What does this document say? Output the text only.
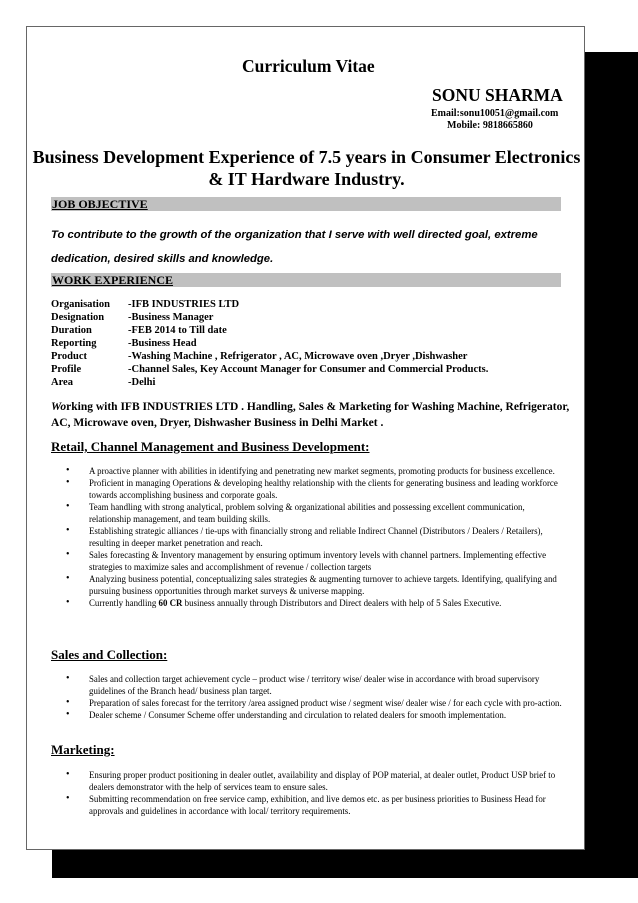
Curriculum Vitae
SONU SHARMA
Email:sonu10051@gmail.com
Mobile: 9818665860
Business Development Experience of 7.5 years in Consumer Electronics & IT Hardware Industry.
JOB OBJECTIVE
To contribute to the growth of the organization that I serve with well directed goal, extreme dedication, desired skills and knowledge.
WORK EXPERIENCE
Organisation -IFB INDUSTRIES LTD
Designation -Business Manager
Duration	-FEB 2014 to Till date
Reporting	-Business Head
Product	-Washing Machine , Refrigerator , AC, Microwave oven ,Dryer ,Dishwasher
Profile	-Channel Sales, Key Account Manager for Consumer and Commercial Products.
Area	-Delhi
Working with IFB INDUSTRIES LTD . Handling, Sales & Marketing for Washing Machine, Refrigerator, AC, Microwave oven, Dryer, Dishwasher Business in Delhi Market .
Retail, Channel Management and Business Development:
• A proactive planner with abilities in identifying and penetrating new market segments, promoting products for business excellence.
• Proficient in managing Operations & developing healthy relationship with the clients for generating business and leading workforce towards accomplishing business and corporate goals.
• Team handling with strong analytical, problem solving & organizational abilities and possessing excellent communication, relationship management, and team building skills.
• Establishing strategic alliances / tie-ups with financially strong and reliable Indirect Channel (Distributors / Dealers / Retailers), resulting in deeper market penetration and reach.
• Sales forecasting & Inventory management by ensuring optimum inventory levels with channel partners. Implementing effective strategies to maximize sales and accomplishment of revenue / collection targets
• Analyzing business potential, conceptualizing sales strategies & augmenting turnover to achieve targets. Identifying, qualifying and pursuing business opportunities through market surveys & universe mapping.
• Currently handling 60 CR business annually through Distributors and Direct dealers with help of 5 Sales Executive.
Sales and Collection:
• Sales and collection target achievement cycle – product wise / territory wise/ dealer wise in accordance with broad supervisory guidelines of the Branch head/ business plan target.
• Preparation of sales forecast for the territory /area assigned product wise / segment wise/ dealer wise / for each cycle with pro-action.
• Dealer scheme / Consumer Scheme offer understanding and circulation to related dealers for smooth implementation.
Marketing:
• Ensuring proper product positioning in dealer outlet, availability and display of POP material, at dealer outlet, Product USP brief to dealers demonstrator with the help of services team to ensure sales.
• Submitting recommendation on free service camp, exhibition, and live demos etc. as per business priorities to Business Head for approvals and guidelines in accordance with local/ territory requirements.
